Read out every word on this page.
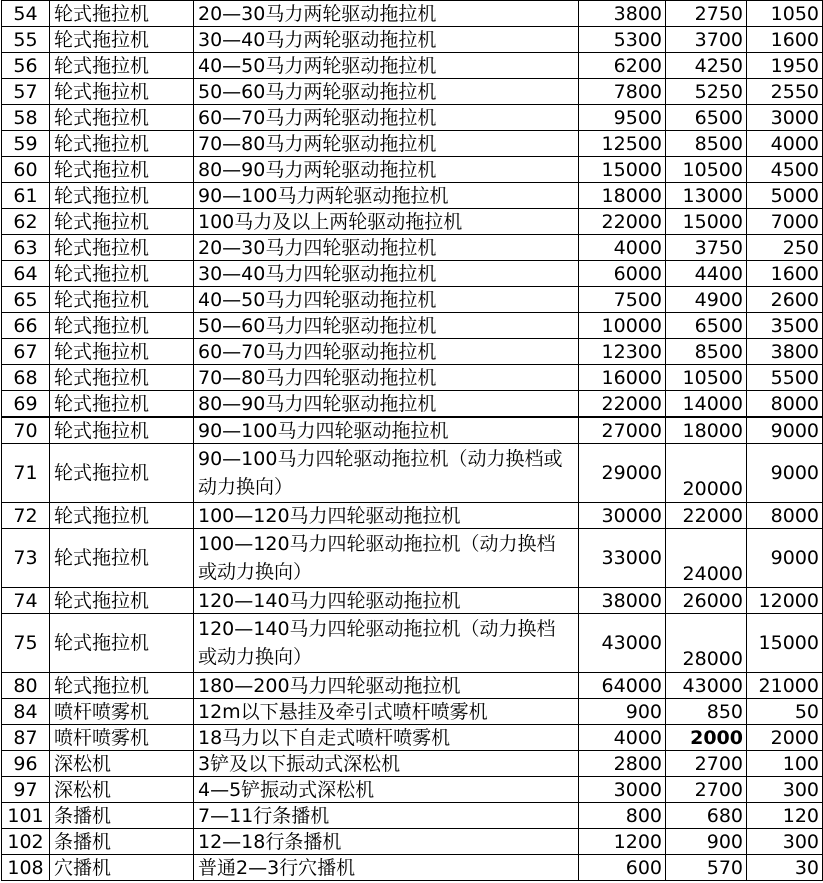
54	轮式拖拉机	20—30马力两轮驱动拖拉机	3800	2750	1050
55	轮式拖拉机	30—40马力两轮驱动拖拉机	5300	3700	1600
56	轮式拖拉机	40—50马力两轮驱动拖拉机	6200	4250	1950
57	轮式拖拉机	50—60马力两轮驱动拖拉机	7800	5250	2550
58	轮式拖拉机	60—70马力两轮驱动拖拉机	9500	6500	3000
59	轮式拖拉机	70—80马力两轮驱动拖拉机	12500	8500	4000
60	轮式拖拉机	80—90马力两轮驱动拖拉机	15000	10500	4500
61	轮式拖拉机	90—100马力两轮驱动拖拉机	18000	13000	5000
62	轮式拖拉机	100马力及以上两轮驱动拖拉机	22000	15000	7000
63	轮式拖拉机	20—30马力四轮驱动拖拉机	4000	3750	250
64	轮式拖拉机	30—40马力四轮驱动拖拉机	6000	4400	1600
65	轮式拖拉机	40—50马力四轮驱动拖拉机	7500	4900	2600
66	轮式拖拉机	50—60马力四轮驱动拖拉机	10000	6500	3500
67	轮式拖拉机	60—70马力四轮驱动拖拉机	12300	8500	3800
68	轮式拖拉机	70—80马力四轮驱动拖拉机	16000	10500	5500
69	轮式拖拉机	80—90马力四轮驱动拖拉机	22000	14000	8000
70	轮式拖拉机	90—100马力四轮驱动拖拉机	27000	18000	9000
71	轮式拖拉机	90—100马力四轮驱动拖拉机（动力换档或动力换向）	29000	20000	9000
72	轮式拖拉机	100—120马力四轮驱动拖拉机	30000	22000	8000
73	轮式拖拉机	100—120马力四轮驱动拖拉机（动力换档或动力换向）	33000	24000	9000
74	轮式拖拉机	120—140马力四轮驱动拖拉机	38000	26000	12000
75	轮式拖拉机	120—140马力四轮驱动拖拉机（动力换档或动力换向）	43000	28000	15000
80	轮式拖拉机	180—200马力四轮驱动拖拉机	64000	43000	21000
84	喷杆喷雾机	12m以下悬挂及牵引式喷杆喷雾机	900	850	50
87	喷杆喷雾机	18马力以下自走式喷杆喷雾机	4000	2000	2000
96	深松机	3铲及以下振动式深松机	2800	2700	100
97	深松机	4—5铲振动式深松机	3000	2700	300
101	条播机	7—11行条播机	800	680	120
102	条播机	12—18行条播机	1200	900	300
108	穴播机	普通2—3行穴播机	600	570	30
